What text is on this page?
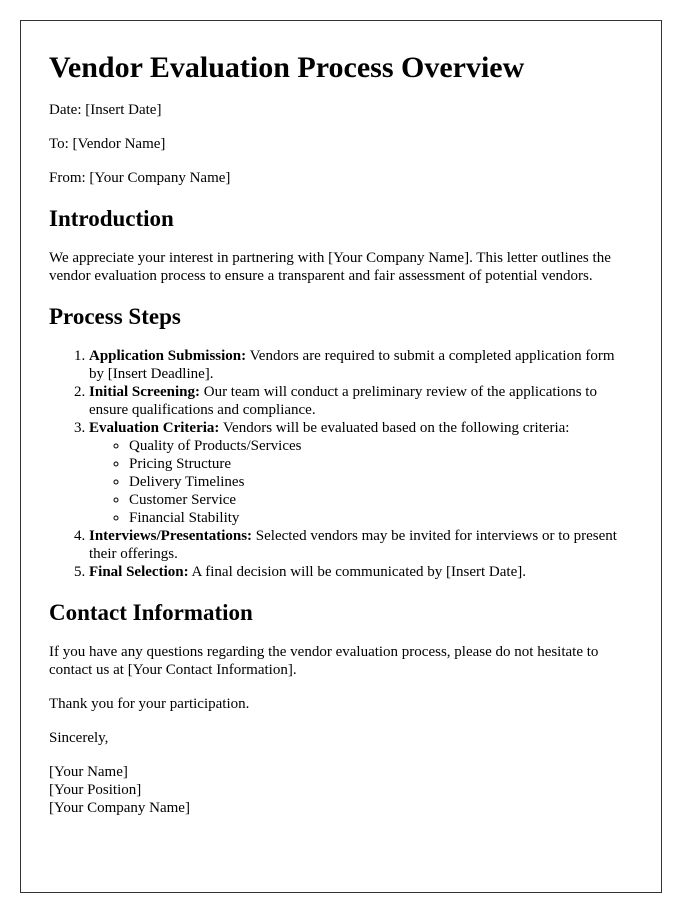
Vendor Evaluation Process Overview

Date: [Insert Date]

To: [Vendor Name]

From: [Your Company Name]

Introduction

We appreciate your interest in partnering with [Your Company Name]. This letter outlines the vendor evaluation process to ensure a transparent and fair assessment of potential vendors.

Process Steps
1. Application Submission: Vendors are required to submit a completed application form by [Insert Deadline].
2. Initial Screening: Our team will conduct a preliminary review of the applications to ensure qualifications and compliance.
3. Evaluation Criteria: Vendors will be evaluated based on the following criteria:
◦ Quality of Products/Services
◦ Pricing Structure
◦ Delivery Timelines
◦ Customer Service
◦ Financial Stability
4. Interviews/Presentations: Selected vendors may be invited for interviews or to present their offerings.
5. Final Selection: A final decision will be communicated by [Insert Date].
Contact Information

If you have any questions regarding the vendor evaluation process, please do not hesitate to contact us at [Your Contact Information].

Thank you for your participation.

Sincerely,

[Your Name]
[Your Position]
[Your Company Name]
